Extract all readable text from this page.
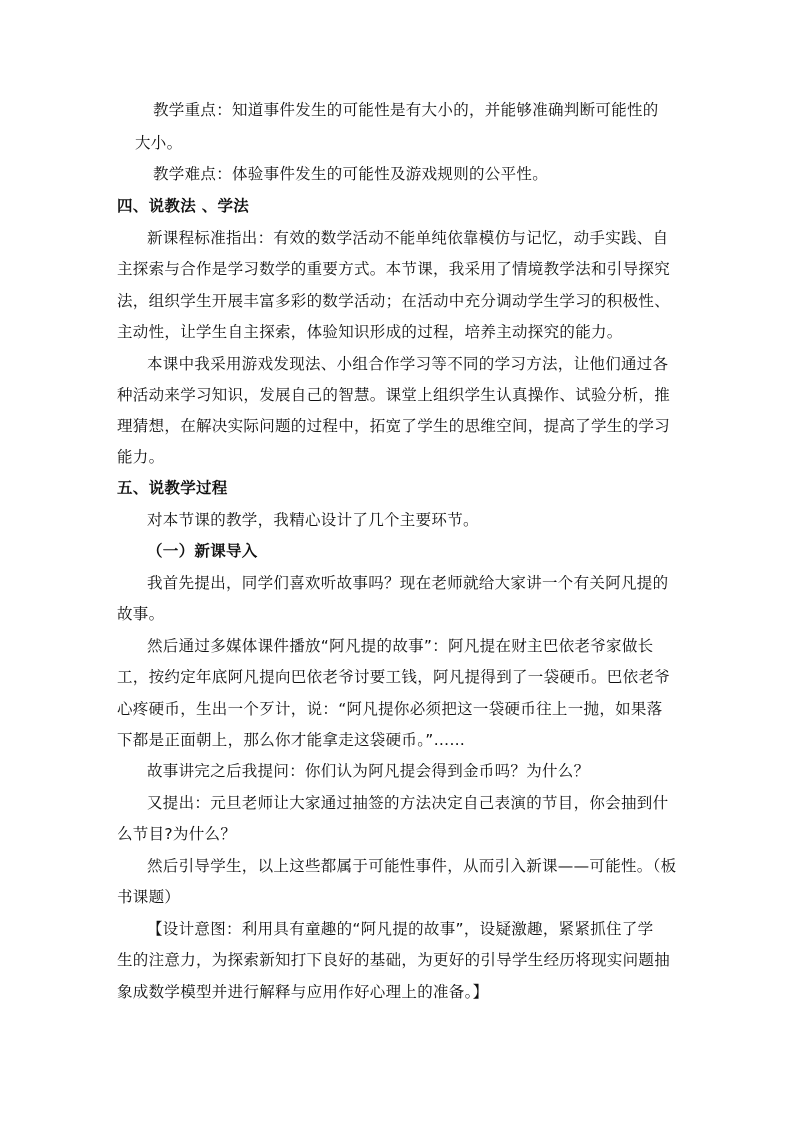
教学重点：知道事件发生的可能性是有大小的，并能够准确判断可能性的
大小。
教学难点：体验事件发生的可能性及游戏规则的公平性。
四、说教法 、学法
新课程标准指出：有效的数学活动不能单纯依靠模仿与记忆，动手实践、自
主探索与合作是学习数学的重要方式。本节课，我采用了情境教学法和引导探究
法，组织学生开展丰富多彩的数学活动；在活动中充分调动学生学习的积极性、
主动性，让学生自主探索，体验知识形成的过程，培养主动探究的能力。
本课中我采用游戏发现法、小组合作学习等不同的学习方法，让他们通过各
种活动来学习知识，发展自己的智慧。课堂上组织学生认真操作、试验分析，推
理猜想，在解决实际问题的过程中，拓宽了学生的思维空间，提高了学生的学习
能力。
五、说教学过程
对本节课的教学，我精心设计了几个主要环节。
（一）新课导入
我首先提出，同学们喜欢听故事吗？现在老师就给大家讲一个有关阿凡提的
故事。
然后通过多媒体课件播放“阿凡提的故事”：阿凡提在财主巴依老爷家做长
工，按约定年底阿凡提向巴依老爷讨要工钱，阿凡提得到了一袋硬币。巴依老爷
心疼硬币，生出一个歹计，说：“阿凡提你必须把这一袋硬币往上一抛，如果落
下都是正面朝上，那么你才能拿走这袋硬币。”……
故事讲完之后我提问：你们认为阿凡提会得到金币吗？为什么？
又提出：元旦老师让大家通过抽签的方法决定自己表演的节目，你会抽到什
么节目?为什么？
然后引导学生，以上这些都属于可能性事件，从而引入新课——可能性。（板
书课题）
【设计意图：利用具有童趣的“阿凡提的故事”，设疑激趣，紧紧抓住了学
生的注意力，为探索新知打下良好的基础，为更好的引导学生经历将现实问题抽
象成数学模型并进行解释与应用作好心理上的准备。】
